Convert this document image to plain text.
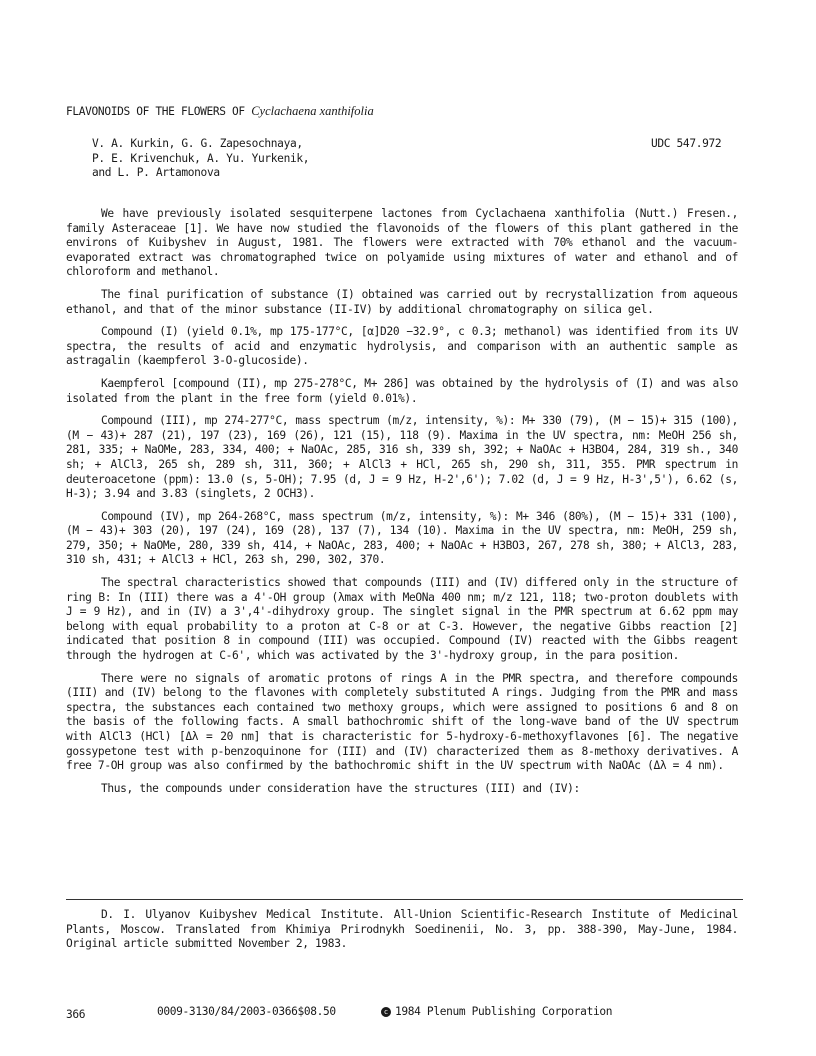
FLAVONOIDS OF THE FLOWERS OF Cyclachaena xanthifolia
V. A. Kurkin, G. G. Zapesochnaya,
P. E. Krivenchuk, A. Yu. Yurkenik,
and L. P. Artamonova
UDC 547.972

We have previously isolated sesquiterpene lactones from Cyclachaena xanthifolia (Nutt.) Fresen., family Asteraceae [1]. We have now studied the flavonoids of the flowers of this plant gathered in the environs of Kuibyshev in August, 1981. The flowers were extracted with 70% ethanol and the vacuum-evaporated extract was chromatographed twice on polyamide using mixtures of water and ethanol and of chloroform and methanol.

The final purification of substance (I) obtained was carried out by recrystallization from aqueous ethanol, and that of the minor substance (II-IV) by additional chromatography on silica gel.

Compound (I) (yield 0.1%, mp 175-177°C, [α]D20 −32.9°, c 0.3; methanol) was identified from its UV spectra, the results of acid and enzymatic hydrolysis, and comparison with an authentic sample as astragalin (kaempferol 3-O-glucoside).

Kaempferol [compound (II), mp 275-278°C, M+ 286] was obtained by the hydrolysis of (I) and was also isolated from the plant in the free form (yield 0.01%).

Compound (III), mp 274-277°C, mass spectrum (m/z, intensity, %): M+ 330 (79), (M − 15)+ 315 (100), (M − 43)+ 287 (21), 197 (23), 169 (26), 121 (15), 118 (9). Maxima in the UV spectra, nm: MeOH 256 sh, 281, 335; + NaOMe, 283, 334, 400; + NaOAc, 285, 316 sh, 339 sh, 392; + NaOAc + H3BO4, 284, 319 sh., 340 sh; + AlCl3, 265 sh, 289 sh, 311, 360; + AlCl3 + HCl, 265 sh, 290 sh, 311, 355. PMR spectrum in deuteroacetone (ppm): 13.0 (s, 5-OH); 7.95 (d, J = 9 Hz, H-2',6'); 7.02 (d, J = 9 Hz, H-3',5'), 6.62 (s, H-3); 3.94 and 3.83 (singlets, 2 OCH3).

Compound (IV), mp 264-268°C, mass spectrum (m/z, intensity, %): M+ 346 (80%), (M − 15)+ 331 (100), (M − 43)+ 303 (20), 197 (24), 169 (28), 137 (7), 134 (10). Maxima in the UV spectra, nm: MeOH, 259 sh, 279, 350; + NaOMe, 280, 339 sh, 414, + NaOAc, 283, 400; + NaOAc + H3BO3, 267, 278 sh, 380; + AlCl3, 283, 310 sh, 431; + AlCl3 + HCl, 263 sh, 290, 302, 370.

The spectral characteristics showed that compounds (III) and (IV) differed only in the structure of ring B: In (III) there was a 4'-OH group (λmax with MeONa 400 nm; m/z 121, 118; two-proton doublets with J = 9 Hz), and in (IV) a 3',4'-dihydroxy group. The singlet signal in the PMR spectrum at 6.62 ppm may belong with equal probability to a proton at C-8 or at C-3. However, the negative Gibbs reaction [2] indicated that position 8 in compound (III) was occupied. Compound (IV) reacted with the Gibbs reagent through the hydrogen at C-6', which was activated by the 3'-hydroxy group, in the para position.

There were no signals of aromatic protons of rings A in the PMR spectra, and therefore compounds (III) and (IV) belong to the flavones with completely substituted A rings. Judging from the PMR and mass spectra, the substances each contained two methoxy groups, which were assigned to positions 6 and 8 on the basis of the following facts. A small bathochromic shift of the long-wave band of the UV spectrum with AlCl3 (HCl) [Δλ = 20 nm] that is characteristic for 5-hydroxy-6-methoxyflavones [6]. The negative gossypetone test with p-benzoquinone for (III) and (IV) characterized them as 8-methoxy derivatives. A free 7-OH group was also confirmed by the bathochromic shift in the UV spectrum with NaOAc (Δλ = 4 nm).

Thus, the compounds under consideration have the structures (III) and (IV):

D. I. Ulyanov Kuibyshev Medical Institute. All-Union Scientific-Research Institute of Medicinal Plants, Moscow. Translated from Khimiya Prirodnykh Soedinenii, No. 3, pp. 388-390, May-June, 1984. Original article submitted November 2, 1983.

366	0009-3130/84/2003-0366$08.50	c 1984 Plenum Publishing Corporation
